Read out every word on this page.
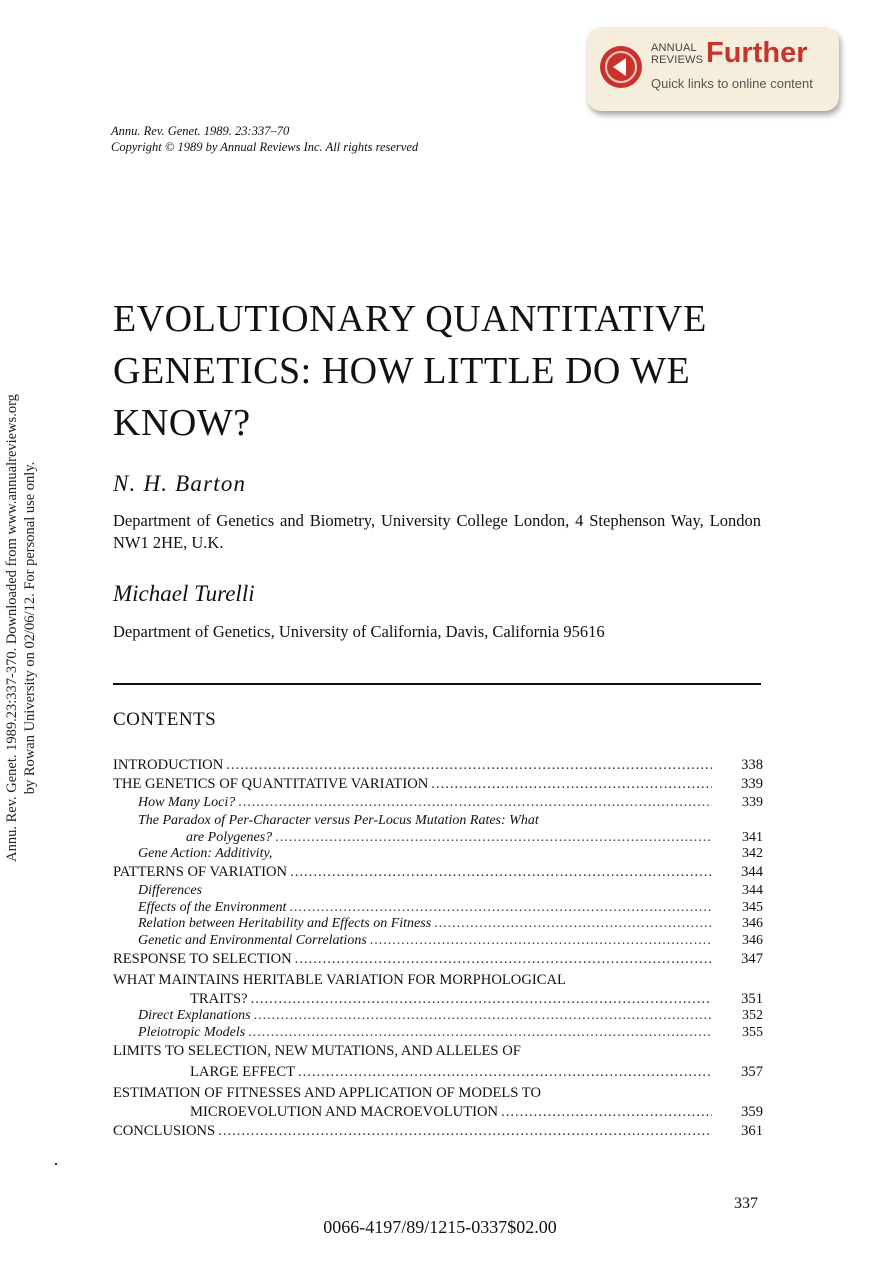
ANNUAL
REVIEWS Further
Quick links to online content
Annu. Rev. Genet. 1989. 23:337–70
Copyright © 1989 by Annual Reviews Inc. All rights reserved
Annu. Rev. Genet. 1989.23:337-370. Downloaded from www.annualreviews.org by Rowan University on 02/06/12. For personal use only.
EVOLUTIONARY QUANTITATIVE
GENETICS: HOW LITTLE DO WE
KNOW?
N. H. Barton
Department of Genetics and Biometry, University College London, 4 Stephenson Way, London NW1 2HE, U.K.
Michael Turelli
Department of Genetics, University of California, Davis, California 95616
CONTENTS
INTRODUCTION .....	338
THE GENETICS OF QUANTITATIVE VARIATION .....	339
How Many Loci? .....	339
The Paradox of Per-Character versus Per-Locus Mutation Rates: What
are Polygenes? .....	341
Gene Action: Additivity,	342
PATTERNS OF VARIATION .....	344
Differences	344
Effects of the Environment .....	345
Relation between Heritability and Effects on Fitness .....	346
Genetic and Environmental Correlations .....	346
RESPONSE TO SELECTION .....	347
WHAT MAINTAINS HERITABLE VARIATION FOR MORPHOLOGICAL
TRAITS? .....	351
Direct Explanations .....	352
Pleiotropic Models .....	355
LIMITS TO SELECTION, NEW MUTATIONS, AND ALLELES OF
LARGE EFFECT .....	357
ESTIMATION OF FITNESSES AND APPLICATION OF MODELS TO
MICROEVOLUTION AND MACROEVOLUTION .....	359
CONCLUSIONS .....	361
337
0066-4197/89/1215-0337$02.00
